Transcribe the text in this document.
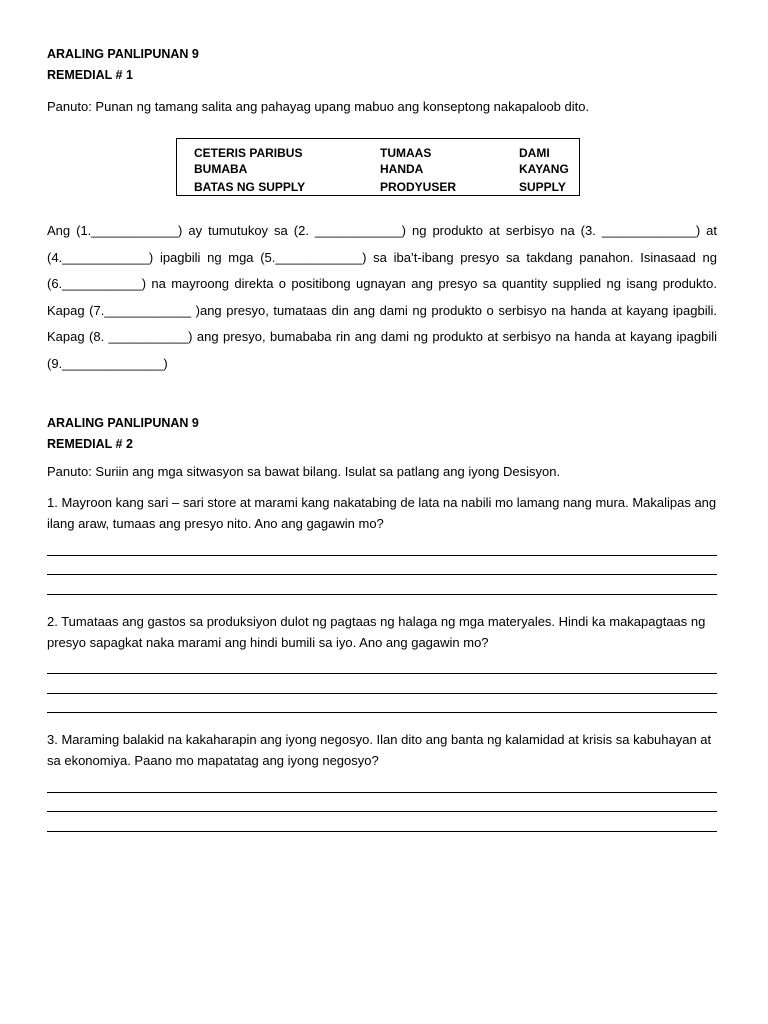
ARALING PANLIPUNAN 9
REMEDIAL # 1
Panuto: Punan ng tamang salita ang pahayag upang mabuo ang konseptong nakapaloob dito.
CETERIS PARIBUS	TUMAAS	DAMI
BUMABA	HANDA	KAYANG
BATAS NG SUPPLY	PRODYUSER	SUPPLY
Ang (1.____________) ay tumutukoy sa (2. ____________) ng produkto at serbisyo na (3. _____________) at (4.____________) ipagbili ng mga (5.____________) sa iba’t-ibang presyo sa takdang panahon. Isinasaad ng (6.___________) na mayroong direkta o positibong ugnayan ang presyo sa quantity supplied ng isang produkto. Kapag (7.____________ )ang presyo, tumataas din ang dami ng produkto o serbisyo na handa at kayang ipagbili. Kapag (8. ___________) ang presyo, bumababa rin ang dami ng produkto at serbisyo na handa at kayang ipagbili (9.______________)
ARALING PANLIPUNAN 9
REMEDIAL # 2
Panuto: Suriin ang mga sitwasyon sa bawat bilang. Isulat sa patlang ang iyong Desisyon.
1. Mayroon kang sari – sari store at marami kang nakatabing de lata na nabili mo lamang nang mura. Makalipas ang ilang araw, tumaas ang presyo nito. Ano ang gagawin mo?
2. Tumataas ang gastos sa produksiyon dulot ng pagtaas ng halaga ng mga materyales. Hindi ka makapagtaas ng presyo sapagkat naka marami ang hindi bumili sa iyo. Ano ang gagawin mo?
3. Maraming balakid na kakaharapin ang iyong negosyo. Ilan dito ang banta ng kalamidad at krisis sa kabuhayan at sa ekonomiya. Paano mo mapatatag ang iyong negosyo?
